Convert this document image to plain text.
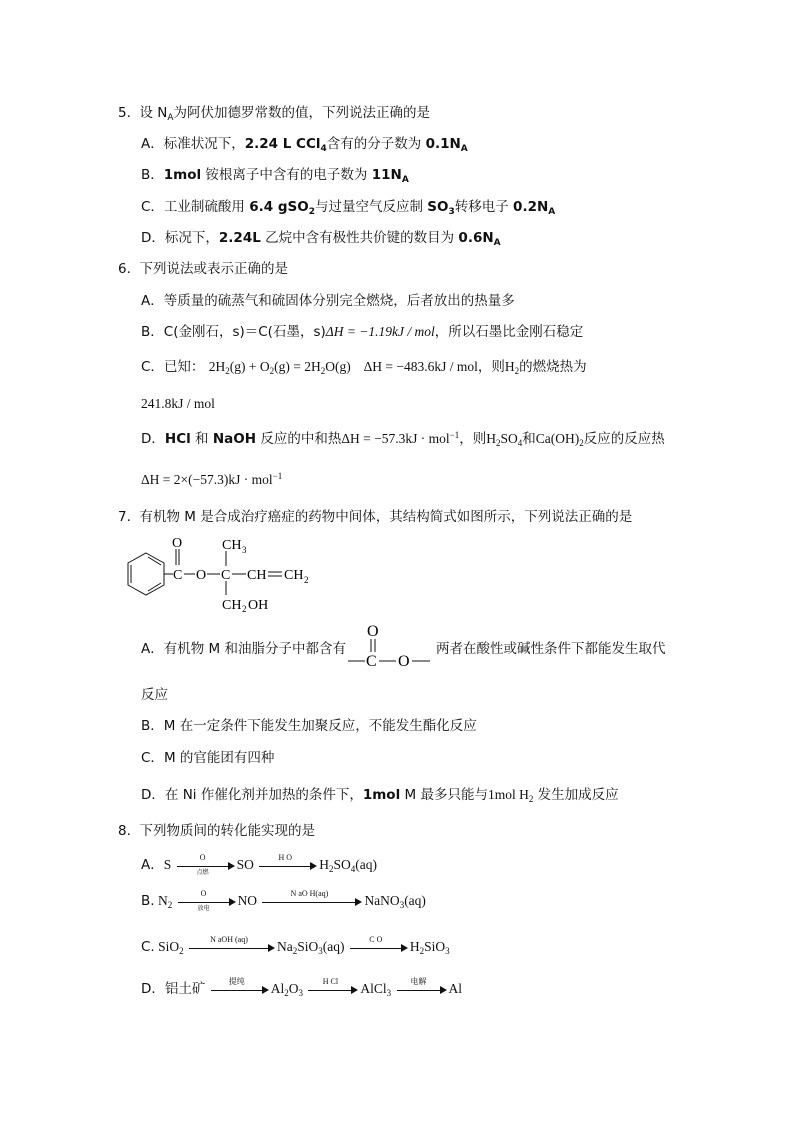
5. 设 $N_A$为阿伏加德罗常数的值，下列说法正确的是
A．标准状况下，2.24 L CCl$_4$含有的分子数为 $0.1N_A$
B．1mol 铵根离子中含有的电子数为 $11N_A$
C．工业制硫酸用 6.4 gSO$_2$与过量空气反应制 $SO_3$转移电子 $0.2N_A$
D．标况下，2.24L 乙烷中含有极性共价键的数目为 $0.6N_A$
6. 下列说法或表示正确的是
A．等质量的硫蒸气和硫固体分别完全燃烧，后者放出的热量多
B．C(金刚石，s)＝C(石墨，s)ΔH = −1.19kJ / mol，所以石墨比金刚石稳定
C．已知： $2H_2(g) + O_2(g) = 2H_2O(g) \Delta H = -483.6kJ$ / mol，则$H_2$的燃烧热为
241.8kJ / mol
D．HCl 和 NaOH 反应的中和热ΔH = −57.3kJ · mol$^{-1}$，则$H_2SO_4$和$Ca(OH)_2$反应的反应热
ΔH = 2×(−57.3)kJ · mol$^{-1}$
7. 有机物 M 是合成治疗癌症的药物中间体，其结构简式如图所示，下列说法正确的是
C
O
O C
CH 3
CH CH 2
CH 2 OH
A．有机物 M 和油脂分子中都含有
O
C O
两者在酸性或碱性条件下都能发生取代
反应
B．M 在一定条件下能发生加聚反应，不能发生酯化反应
C．M 的官能团有四种
D．在 Ni 作催化剂并加热的条件下，1mol M 最多只能与1mol $H_2$ 发生加成反应
8. 下列物质间的转化能实现的是
A．S	O
点燃
SO	H O	$H_2SO_4(aq)$
B. $N_2$
O
放电
NO	N aO H(aq)	NaNO$_3$(aq)
C. SiO$_2$
N aOH (aq)	$Na_2SiO_3(aq)$	C O	$H_2SiO_3$
D．铝土矿	提纯	$Al_2O_3$
H Cl	AlCl$_3$
电解	Al
